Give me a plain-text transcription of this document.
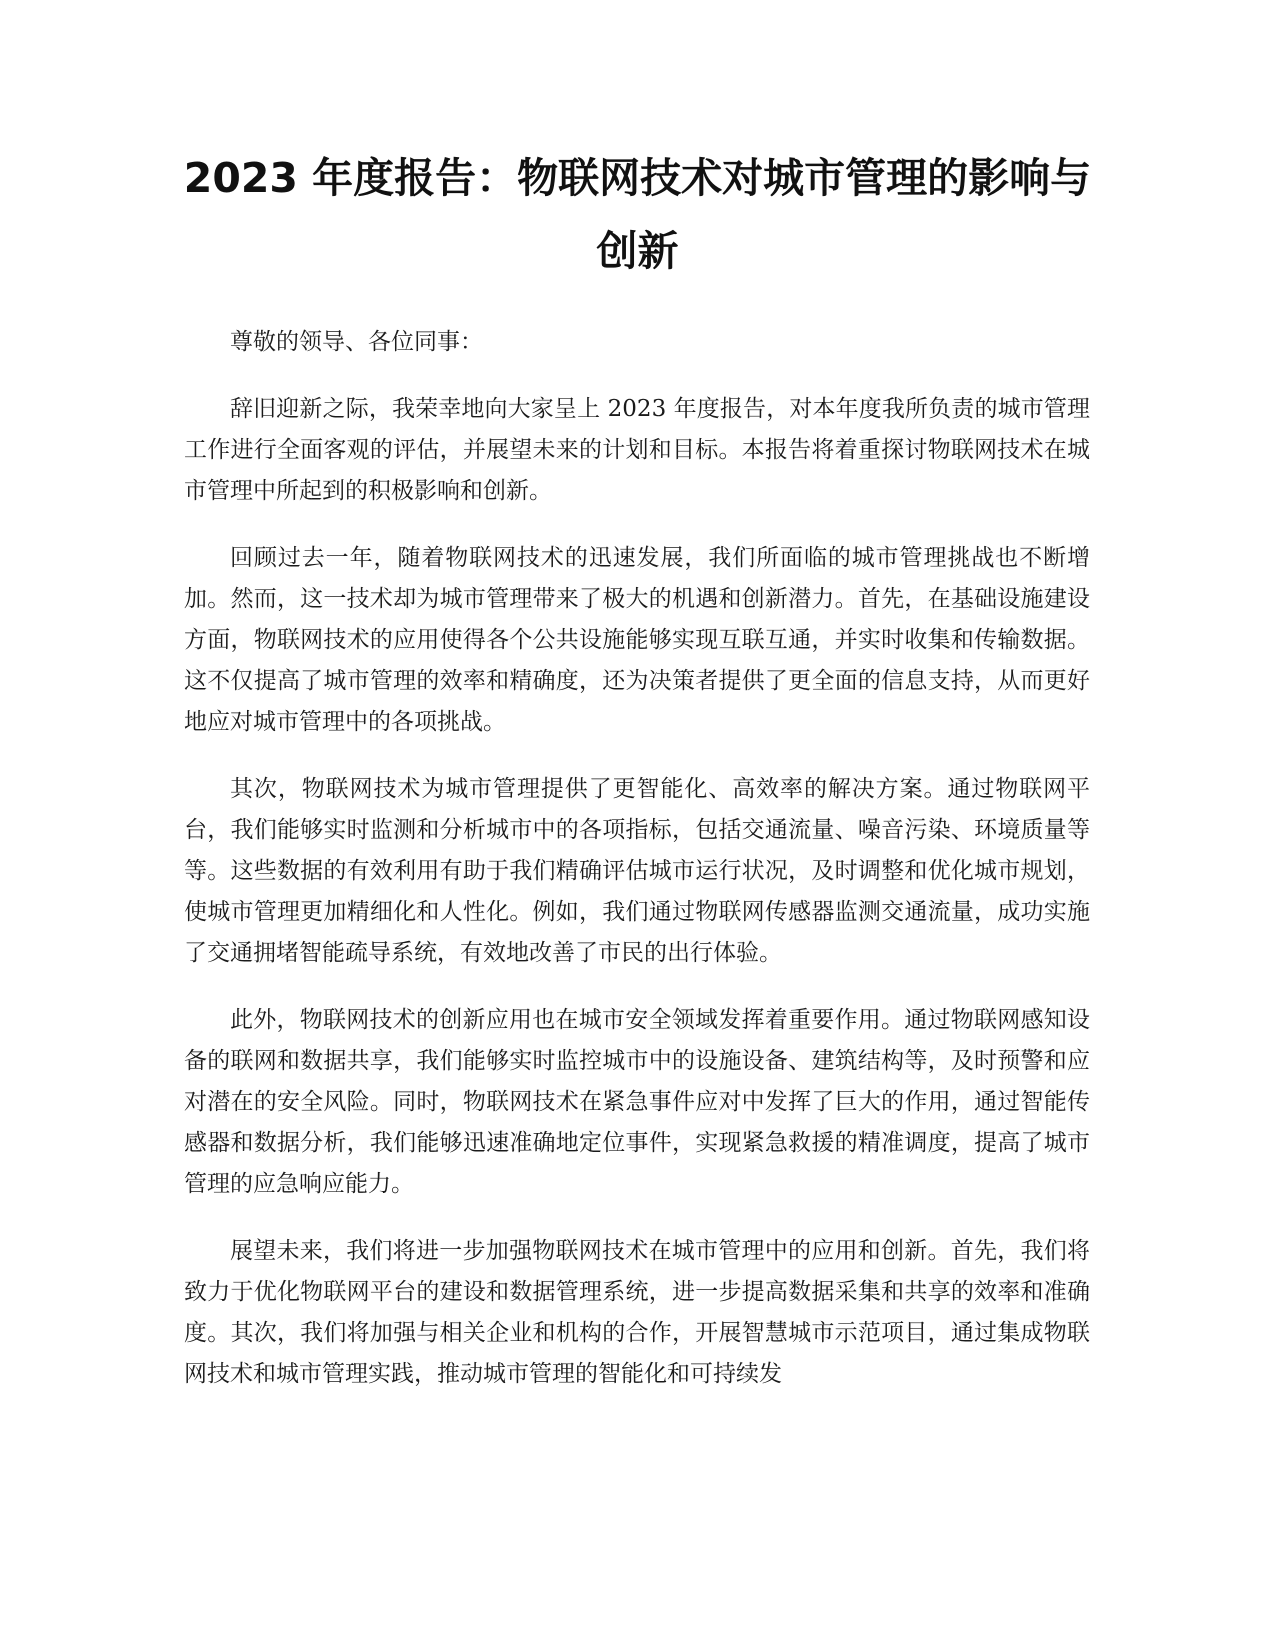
2023 年度报告：物联网技术对城市管理的影响与创新

尊敬的领导、各位同事：

辞旧迎新之际，我荣幸地向大家呈上 2023 年度报告，对本年度我所负责的城市管理工作进行全面客观的评估，并展望未来的计划和目标。本报告将着重探讨物联网技术在城市管理中所起到的积极影响和创新。

回顾过去一年，随着物联网技术的迅速发展，我们所面临的城市管理挑战也不断增加。然而，这一技术却为城市管理带来了极大的机遇和创新潜力。首先，在基础设施建设方面，物联网技术的应用使得各个公共设施能够实现互联互通，并实时收集和传输数据。这不仅提高了城市管理的效率和精确度，还为决策者提供了更全面的信息支持，从而更好地应对城市管理中的各项挑战。

其次，物联网技术为城市管理提供了更智能化、高效率的解决方案。通过物联网平台，我们能够实时监测和分析城市中的各项指标，包括交通流量、噪音污染、环境质量等等。这些数据的有效利用有助于我们精确评估城市运行状况，及时调整和优化城市规划，使城市管理更加精细化和人性化。例如，我们通过物联网传感器监测交通流量，成功实施了交通拥堵智能疏导系统，有效地改善了市民的出行体验。

此外，物联网技术的创新应用也在城市安全领域发挥着重要作用。通过物联网感知设备的联网和数据共享，我们能够实时监控城市中的设施设备、建筑结构等，及时预警和应对潜在的安全风险。同时，物联网技术在紧急事件应对中发挥了巨大的作用，通过智能传感器和数据分析，我们能够迅速准确地定位事件，实现紧急救援的精准调度，提高了城市管理的应急响应能力。

展望未来，我们将进一步加强物联网技术在城市管理中的应用和创新。首先，我们将致力于优化物联网平台的建设和数据管理系统，进一步提高数据采集和共享的效率和准确度。其次，我们将加强与相关企业和机构的合作，开展智慧城市示范项目，通过集成物联网技术和城市管理实践，推动城市管理的智能化和可持续发
